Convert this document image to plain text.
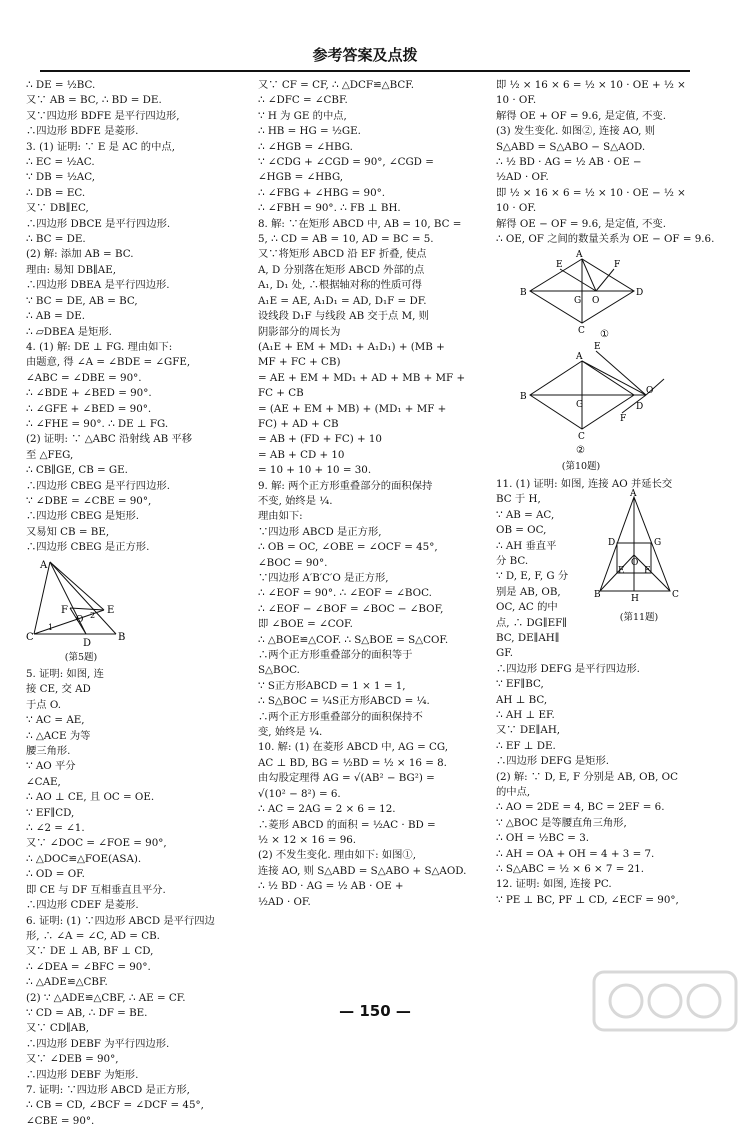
参考答案及点拨

∴ DE = ½BC.

又∵ AB = BC, ∴ BD = DE.

又∵四边形 BDFE 是平行四边形,

∴四边形 BDFE 是菱形.

3. (1) 证明: ∵ E 是 AC 的中点,

∴ EC = ½AC.

∵ DB = ½AC,

∴ DB = EC.

又∵ DB∥EC,

∴四边形 DBCE 是平行四边形.

∴ BC = DE.

(2) 解: 添加 AB = BC.

理由: 易知 DB∥AE,

∴四边形 DBEA 是平行四边形.

∵ BC = DE, AB = BC,

∴ AB = DE.

∴ ▱DBEA 是矩形.

4. (1) 解: DE ⊥ FG. 理由如下:

由题意, 得 ∠A = ∠BDE = ∠GFE,

∠ABC = ∠DBE = 90°.

∴ ∠BDE + ∠BED = 90°.

∴ ∠GFE + ∠BED = 90°.

∴ ∠FHE = 90°. ∴ DE ⊥ FG.

(2) 证明: ∵ △ABC 沿射线 AB 平移

至 △FEG,

∴ CB∥GE, CB = GE.

∴四边形 CBEG 是平行四边形.

∵ ∠DBE = ∠CBE = 90°,

∴四边形 CBEG 是矩形.

又易知 CB = BE,

∴四边形 CBEG 是正方形.

A
E
F
O
C
D
B
1
2
(第5题)

5. 证明: 如图, 连

接 CE, 交 AD

于点 O.

∵ AC = AE,

∴ △ACE 为等

腰三角形.

∵ AO 平分

∠CAE,

∴ AO ⊥ CE, 且 OC = OE.

∵ EF∥CD,

∴ ∠2 = ∠1.

又∵ ∠DOC = ∠FOE = 90°,

∴ △DOC≌△FOE(ASA).

∴ OD = OF.

即 CE 与 DF 互相垂直且平分.

∴四边形 CDEF 是菱形.

6. 证明: (1) ∵四边形 ABCD 是平行四边

形, ∴ ∠A = ∠C, AD = CB.

又∵ DE ⊥ AB, BF ⊥ CD,

∴ ∠DEA = ∠BFC = 90°.

∴ △ADE≌△CBF.

(2) ∵ △ADE≌△CBF, ∴ AE = CF.

∵ CD = AB, ∴ DF = BE.

又∵ CD∥AB,

∴四边形 DEBF 为平行四边形.

又∵ ∠DEB = 90°,

∴四边形 DEBF 为矩形.

7. 证明: ∵四边形 ABCD 是正方形,

∴ CB = CD, ∠BCF = ∠DCF = 45°,

∠CBE = 90°.

又∵ CF = CF, ∴ △DCF≌△BCF.

∴ ∠DFC = ∠CBF.

∵ H 为 GE 的中点,

∴ HB = HG = ½GE.

∴ ∠HGB = ∠HBG.

∵ ∠CDG + ∠CGD = 90°, ∠CGD =

∠HGB = ∠HBG,

∴ ∠FBG + ∠HBG = 90°.

∴ ∠FBH = 90°. ∴ FB ⊥ BH.

8. 解: ∵在矩形 ABCD 中, AB = 10, BC =

5, ∴ CD = AB = 10, AD = BC = 5.

又∵将矩形 ABCD 沿 EF 折叠, 使点

A, D 分别落在矩形 ABCD 外部的点

A₁, D₁ 处, ∴根据轴对称的性质可得

A₁E = AE, A₁D₁ = AD, D₁F = DF.

设线段 D₁F 与线段 AB 交于点 M, 则

阴影部分的周长为

(A₁E + EM + MD₁ + A₁D₁) + (MB +

MF + FC + CB)

= AE + EM + MD₁ + AD + MB + MF +

FC + CB

= (AE + EM + MB) + (MD₁ + MF +

FC) + AD + CB

= AB + (FD + FC) + 10

= AB + CD + 10

= 10 + 10 + 10 = 30.

9. 解: 两个正方形重叠部分的面积保持

不变, 始终是 ¼.

理由如下:

∵四边形 ABCD 是正方形,

∴ OB = OC, ∠OBE = ∠OCF = 45°,

∠BOC = 90°.

∵四边形 A′B′C′O 是正方形,

∴ ∠EOF = 90°. ∴ ∠EOF = ∠BOC.

∴ ∠EOF − ∠BOF = ∠BOC − ∠BOF,

即 ∠BOE = ∠COF.

∴ △BOE≌△COF. ∴ S△BOE = S△COF.

∴两个正方形重叠部分的面积等于

S△BOC.

∵ S正方形ABCD = 1 × 1 = 1,

∴ S△BOC = ¼S正方形ABCD = ¼.

∴两个正方形重叠部分的面积保持不

变, 始终是 ¼.

10. 解: (1) 在菱形 ABCD 中, AG = CG,

AC ⊥ BD, BG = ½BD = ½ × 16 = 8.

由勾股定理得 AG = √(AB² − BG²) =

√(10² − 8²) = 6.

∴ AC = 2AG = 2 × 6 = 12.

∴菱形 ABCD 的面积 = ½AC · BD =

½ × 12 × 16 = 96.

(2) 不发生变化. 理由如下: 如图①,

连接 AO, 则 S△ABD = S△ABO + S△AOD.

∴ ½ BD · AG = ½ AB · OE +

½AD · OF.

即 ½ × 16 × 6 = ½ × 10 · OE + ½ ×

10 · OF.

解得 OE + OF = 9.6, 是定值, 不变.

(3) 发生变化. 如图②, 连接 AO, 则

S△ABD = S△ABO − S△AOD.

∴ ½ BD · AG = ½ AB · OE −

½AD · OF.

即 ½ × 16 × 6 = ½ × 10 · OE − ½ ×

10 · OF.

解得 OE − OF = 9.6, 是定值, 不变.

∴ OE, OF 之间的数量关系为 OE − OF = 9.6.

A
E	F
B
G O
D
C ①
A
E
B
G
O
D
F
C
②
(第10题)

11. (1) 证明: 如图, 连接 AO 并延长交

BC 于 H,

∵ AB = AC,

OB = OC,

∴ AH 垂直平

分 BC.

∵ D, E, F, G 分

别是 AB, OB,

OC, AC 的中

点, ∴ DG∥EF∥

BC, DE∥AH∥

GF.

∴四边形 DEFG 是平行四边形.

∵ EF∥BC,

AH ⊥ BC,

∴ AH ⊥ EF.

又∵ DE∥AH,

∴ EF ⊥ DE.

∴四边形 DEFG 是矩形.

(2) 解: ∵ D, E, F 分别是 AB, OB, OC

的中点,

∴ AO = 2DE = 4, BC = 2EF = 6.

∵ △BOC 是等腰直角三角形,

∴ OH = ½BC = 3.

∴ AH = OA + OH = 4 + 3 = 7.

∴ S△ABC = ½ × 6 × 7 = 21.

12. 证明: 如图, 连接 PC.

∵ PE ⊥ BC, PF ⊥ CD, ∠ECF = 90°,

A
D	G
O
E F
B	H	C
(第11题)
— 150 —
